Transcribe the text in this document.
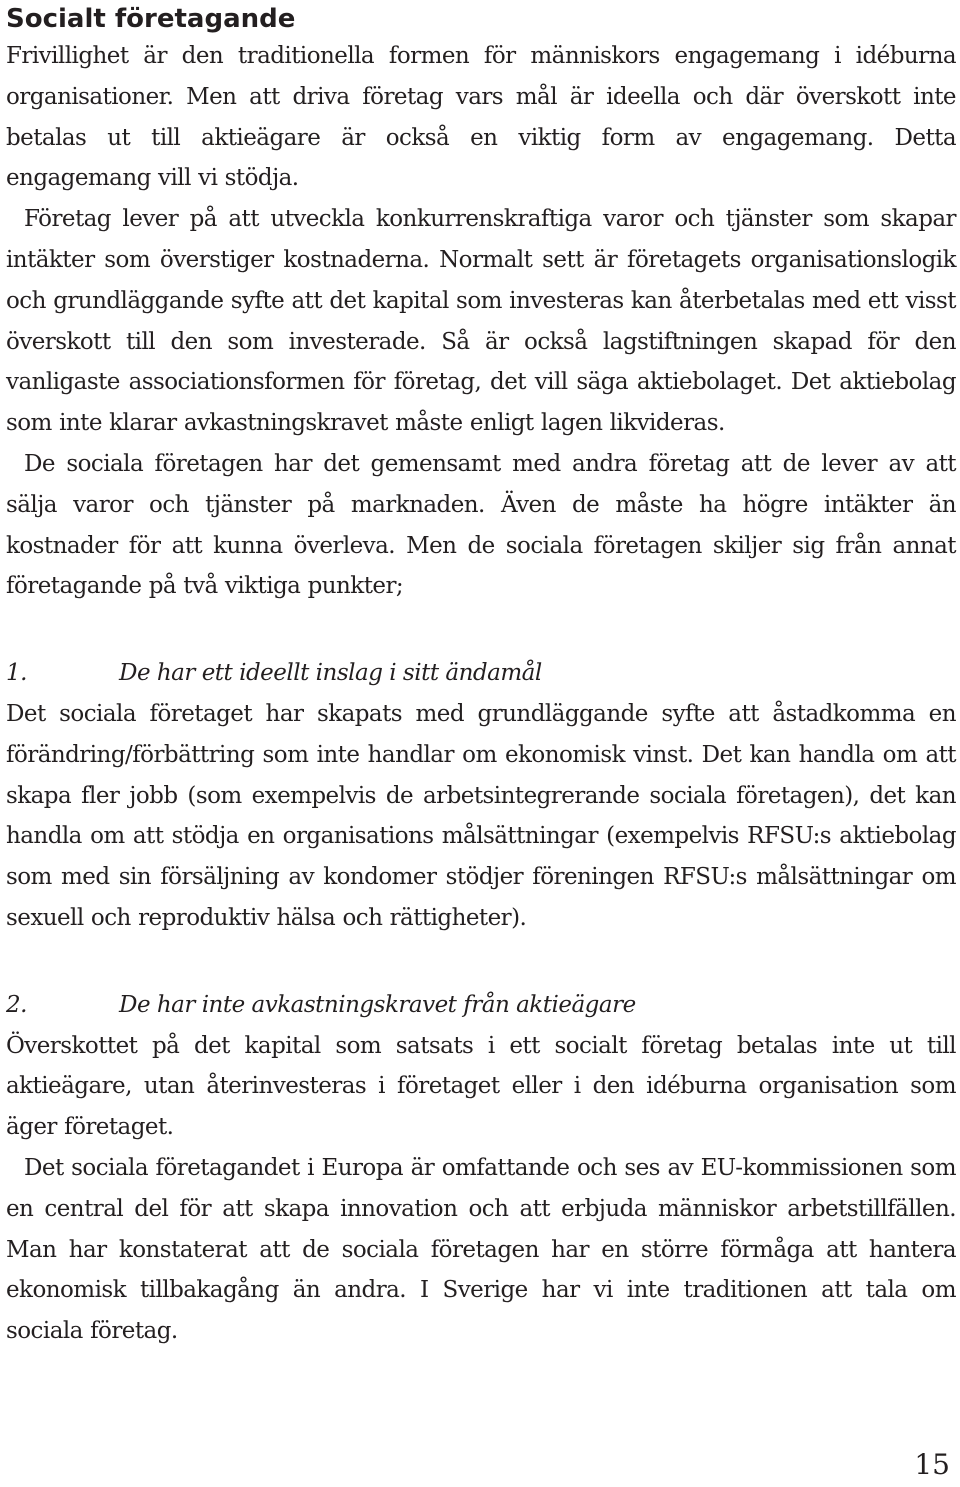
Socialt företagande

Frivillighet är den traditionella formen för människors engagemang i idéburna organisationer. Men att driva företag vars mål är ideella och där överskott inte betalas ut till aktieägare är också en viktig form av engagemang. Detta engagemang vill vi stödja.

Företag lever på att utveckla konkurrenskraftiga varor och tjänster som skapar intäkter som överstiger kostnaderna. Normalt sett är företagets organisationslogik och grundläggande syfte att det kapital som investeras kan återbetalas med ett visst överskott till den som investerade. Så är också lagstiftningen skapad för den vanligaste associationsformen för företag, det vill säga aktiebolaget. Det aktiebolag som inte klarar avkastningskravet måste enligt lagen likvideras.

De sociala företagen har det gemensamt med andra företag att de lever av att sälja varor och tjänster på marknaden. Även de måste ha högre intäkter än kostnader för att kunna överleva. Men de sociala företagen skiljer sig från annat företagande på två viktiga punkter;

1.	De har ett ideellt inslag i sitt ändamål

Det sociala företaget har skapats med grundläggande syfte att åstadkomma en förändring/förbättring som inte handlar om ekonomisk vinst. Det kan handla om att skapa fler jobb (som exempelvis de arbetsintegrerande sociala företagen), det kan handla om att stödja en organisations målsättningar (exempelvis RFSU:s aktiebolag som med sin försäljning av kondomer stödjer föreningen RFSU:s målsättningar om sexuell och reproduktiv hälsa och rättigheter).

2.	De har inte avkastningskravet från aktieägare

Överskottet på det kapital som satsats i ett socialt företag betalas inte ut till aktieägare, utan återinvesteras i företaget eller i den idéburna organisation som äger företaget.

Det sociala företagandet i Europa är omfattande och ses av EU-kommissionen som en central del för att skapa innovation och att erbjuda människor arbetstillfällen. Man har konstaterat att de sociala företagen har en större förmåga att hantera ekonomisk tillbakagång än andra. I Sverige har vi inte traditionen att tala om sociala företag.

15
